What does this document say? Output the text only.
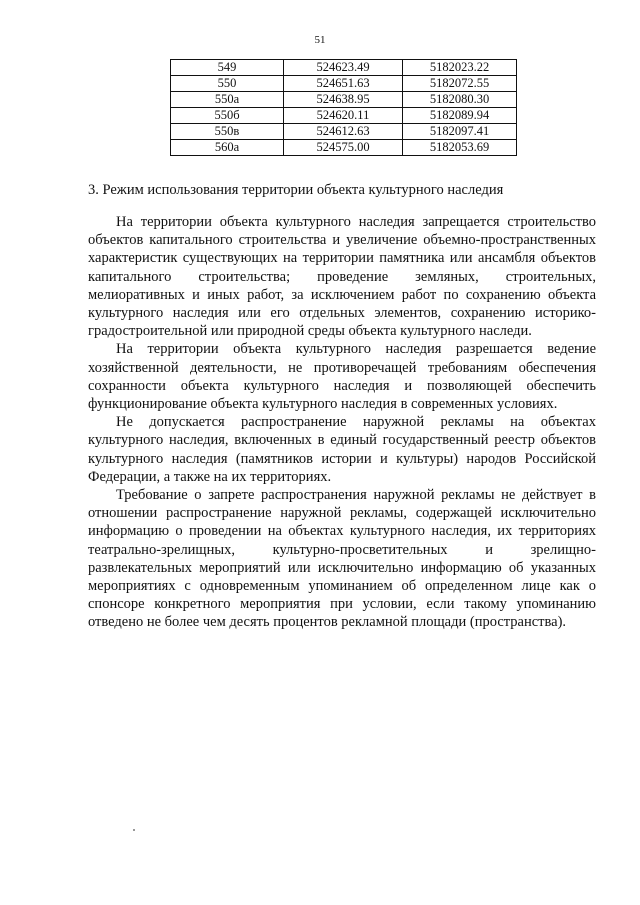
51
549	524623.49	5182023.22
550	524651.63	5182072.55
550а	524638.95	5182080.30
550б	524620.11	5182089.94
550в	524612.63	5182097.41
560а	524575.00	5182053.69
3. Режим использования территории объекта культурного наследия

На территории объекта культурного наследия запрещается строительство объектов капитального строительства и увеличение объемно-пространственных характеристик существующих на территории памятника или ансамбля объектов капитального строительства; проведение земляных, строительных, мелиоративных и иных работ, за исключением работ по сохранению объекта культурного наследия или его отдельных элементов, сохранению историко-градостроительной или природной среды объекта культурного наследи.

На территории объекта культурного наследия разрешается ведение хозяйственной деятельности, не противоречащей требованиям обеспечения сохранности объекта культурного наследия и позволяющей обеспечить функционирование объекта культурного наследия в современных условиях.

Не допускается распространение наружной рекламы на объектах культурного наследия, включенных в единый государственный реестр объектов культурного наследия (памятников истории и культуры) народов Российской Федерации, а также на их территориях.

Требование о запрете распространения наружной рекламы не действует в отношении распространение наружной рекламы, содержащей исключительно информацию о проведении на объектах культурного наследия, их территориях театрально-зрелищных, культурно-просветительных и зрелищно-развлекательных мероприятий или исключительно информацию об указанных мероприятиях с одновременным упоминанием об определенном лице как о спонсоре конкретного мероприятия при условии, если такому упоминанию отведено не более чем десять процентов рекламной площади (пространства).
